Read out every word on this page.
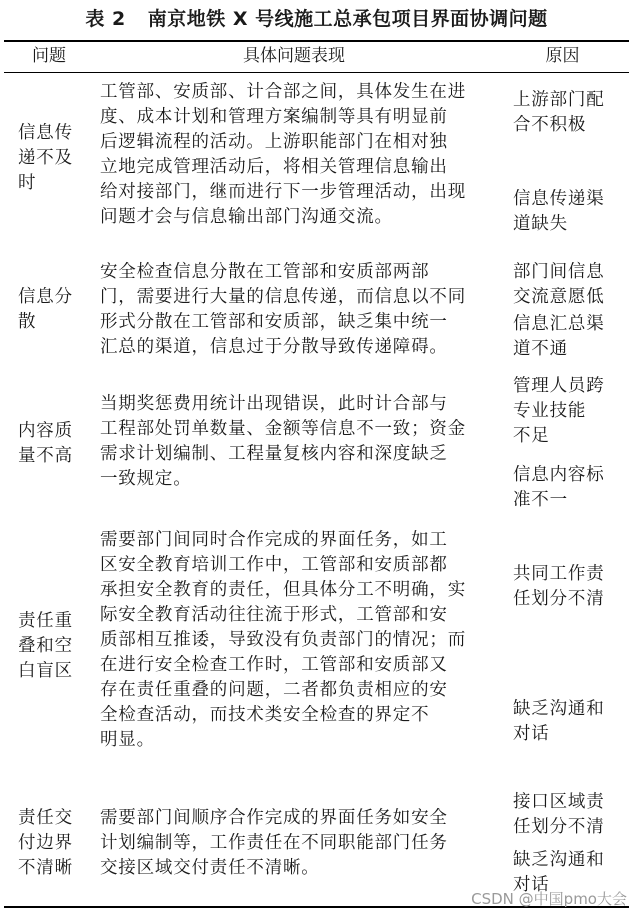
表 2 南京地铁 X 号线施工总承包项目界面协调问题
问题	具体问题表现	原因
信息传
递不及
时
工管部、安质部、计合部之间，具体发生在进
度、成本计划和管理方案编制等具有明显前
后逻辑流程的活动。上游职能部门在相对独
立地完成管理活动后，将相关管理信息输出
给对接部门，继而进行下一步管理活动，出现
问题才会与信息输出部门沟通交流。
上游部门配
合不积极
信息传递渠
道缺失
信息分
散
安全检查信息分散在工管部和安质部两部
门，需要进行大量的信息传递，而信息以不同
形式分散在工管部和安质部，缺乏集中统一
汇总的渠道，信息过于分散导致传递障碍。
部门间信息
交流意愿低
信息汇总渠
道不通
内容质
量不高
当期奖惩费用统计出现错误，此时计合部与
工程部处罚单数量、金额等信息不一致；资金
需求计划编制、工程量复核内容和深度缺乏
一致规定。
管理人员跨
专业技能
不足
信息内容标
准不一
责任重
叠和空
白盲区
需要部门间同时合作完成的界面任务，如工
区安全教育培训工作中，工管部和安质部都
承担安全教育的责任，但具体分工不明确，实
际安全教育活动往往流于形式，工管部和安
质部相互推诿，导致没有负责部门的情况；而
在进行安全检查工作时，工管部和安质部又
存在责任重叠的问题，二者都负责相应的安
全检查活动，而技术类安全检查的界定不
明显。
共同工作责
任划分不清
缺乏沟通和
对话
责任交
付边界
不清晰
需要部门间顺序合作完成的界面任务如安全
计划编制等，工作责任在不同职能部门任务
交接区域交付责任不清晰。
接口区域责
任划分不清
缺乏沟通和
对话
CSDN @中国pmo大会
